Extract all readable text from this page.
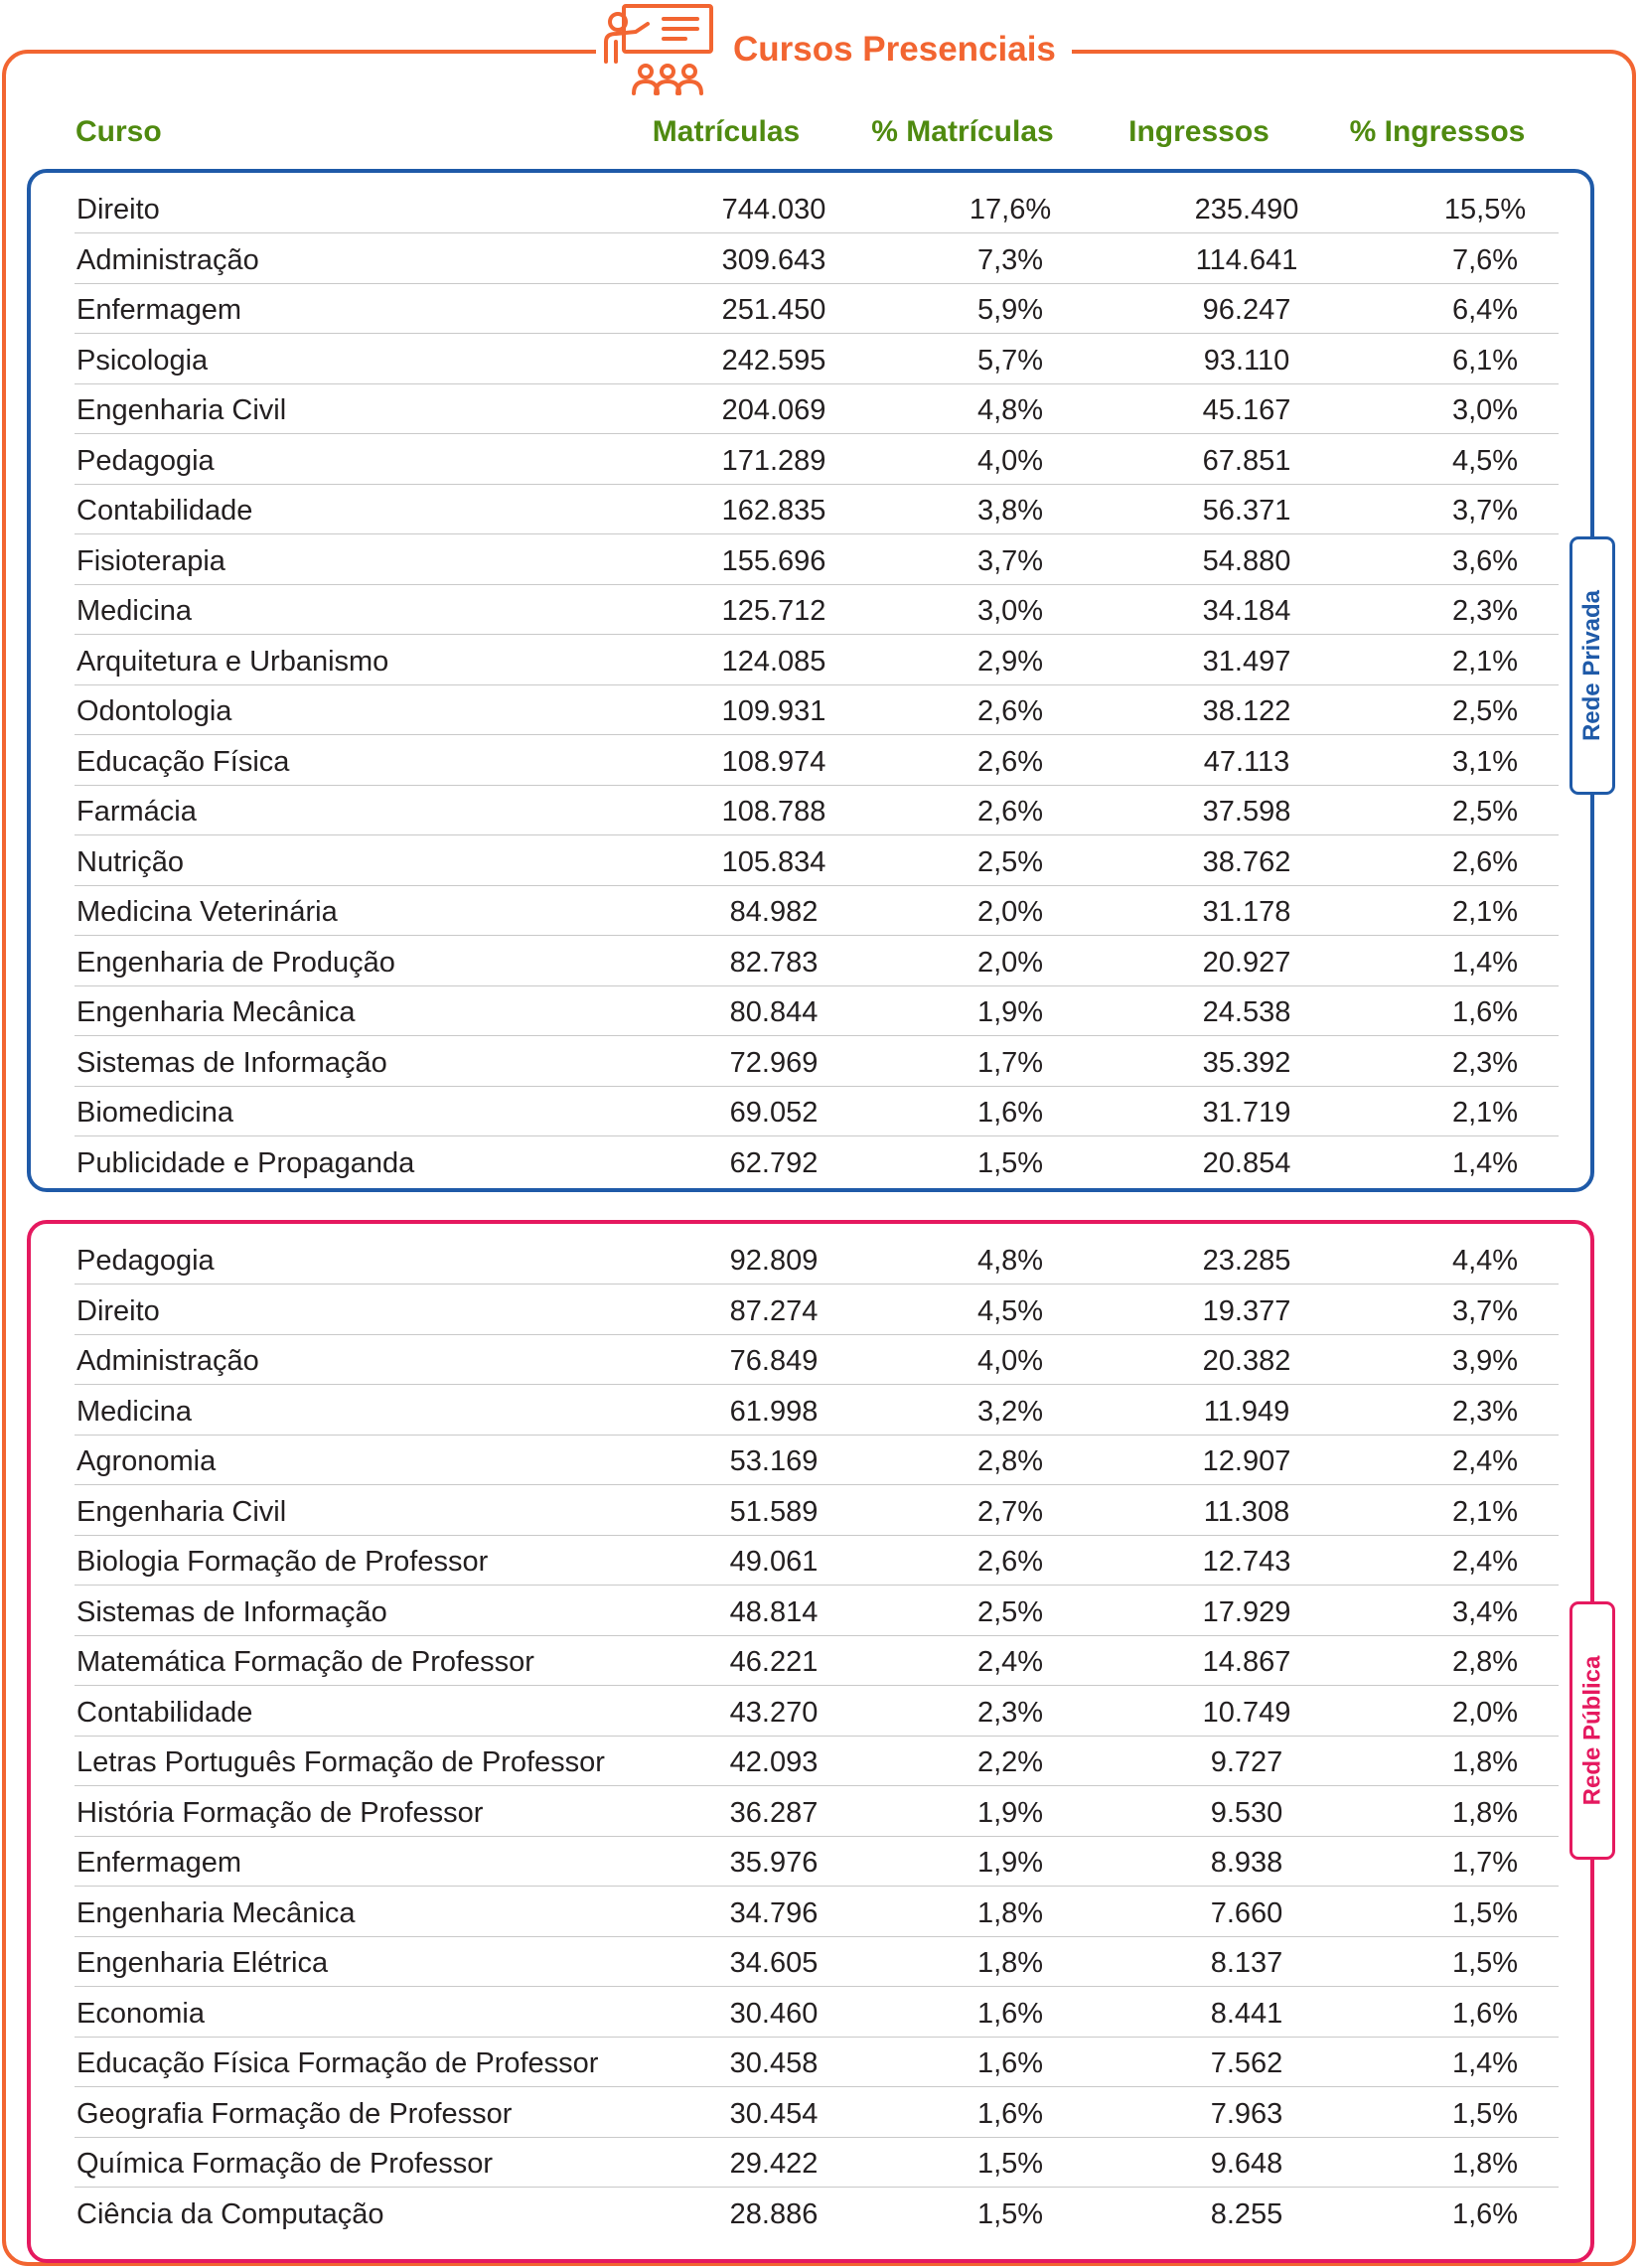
Cursos Presenciais
Curso	Matrículas % Matrículas	Ingressos	% Ingressos
Direito	744.030	17,6%	235.490	15,5%
Administração	309.643	7,3%	114.641	7,6%
Enfermagem	251.450	5,9%	96.247	6,4%
Psicologia	242.595	5,7%	93.110	6,1%
Engenharia Civil	204.069	4,8%	45.167	3,0%
Pedagogia	171.289	4,0%	67.851	4,5%
Contabilidade	162.835	3,8%	56.371	3,7%
Fisioterapia	155.696	3,7%	54.880	3,6%
Medicina	125.712	3,0%	34.184	2,3%
Arquitetura e Urbanismo	124.085	2,9%	31.497	2,1%
Odontologia	109.931	2,6%	38.122	2,5%
Educação Física	108.974	2,6%	47.113	3,1%
Farmácia	108.788	2,6%	37.598	2,5%
Nutrição	105.834	2,5%	38.762	2,6%
Medicina Veterinária	84.982	2,0%	31.178	2,1%
Engenharia de Produção	82.783	2,0%	20.927	1,4%
Engenharia Mecânica	80.844	1,9%	24.538	1,6%
Sistemas de Informação	72.969	1,7%	35.392	2,3%
Biomedicina	69.052	1,6%	31.719	2,1%
Publicidade e Propaganda	62.792	1,5%	20.854	1,4%
Rede Privada
Pedagogia	92.809	4,8%	23.285	4,4%
Direito	87.274	4,5%	19.377	3,7%
Administração	76.849	4,0%	20.382	3,9%
Medicina	61.998	3,2%	11.949	2,3%
Agronomia	53.169	2,8%	12.907	2,4%
Engenharia Civil	51.589	2,7%	11.308	2,1%
Biologia Formação de Professor	49.061	2,6%	12.743	2,4%
Sistemas de Informação	48.814	2,5%	17.929	3,4%
Matemática Formação de Professor	46.221	2,4%	14.867	2,8%
Contabilidade	43.270	2,3%	10.749	2,0%
Letras Português Formação de Professor	42.093	2,2%	9.727	1,8%
História Formação de Professor	36.287	1,9%	9.530	1,8%
Enfermagem	35.976	1,9%	8.938	1,7%
Engenharia Mecânica	34.796	1,8%	7.660	1,5%
Engenharia Elétrica	34.605	1,8%	8.137	1,5%
Economia	30.460	1,6%	8.441	1,6%
Educação Física Formação de Professor	30.458	1,6%	7.562	1,4%
Geografia Formação de Professor	30.454	1,6%	7.963	1,5%
Química Formação de Professor	29.422	1,5%	9.648	1,8%
Ciência da Computação	28.886	1,5%	8.255	1,6%
Rede Pública
